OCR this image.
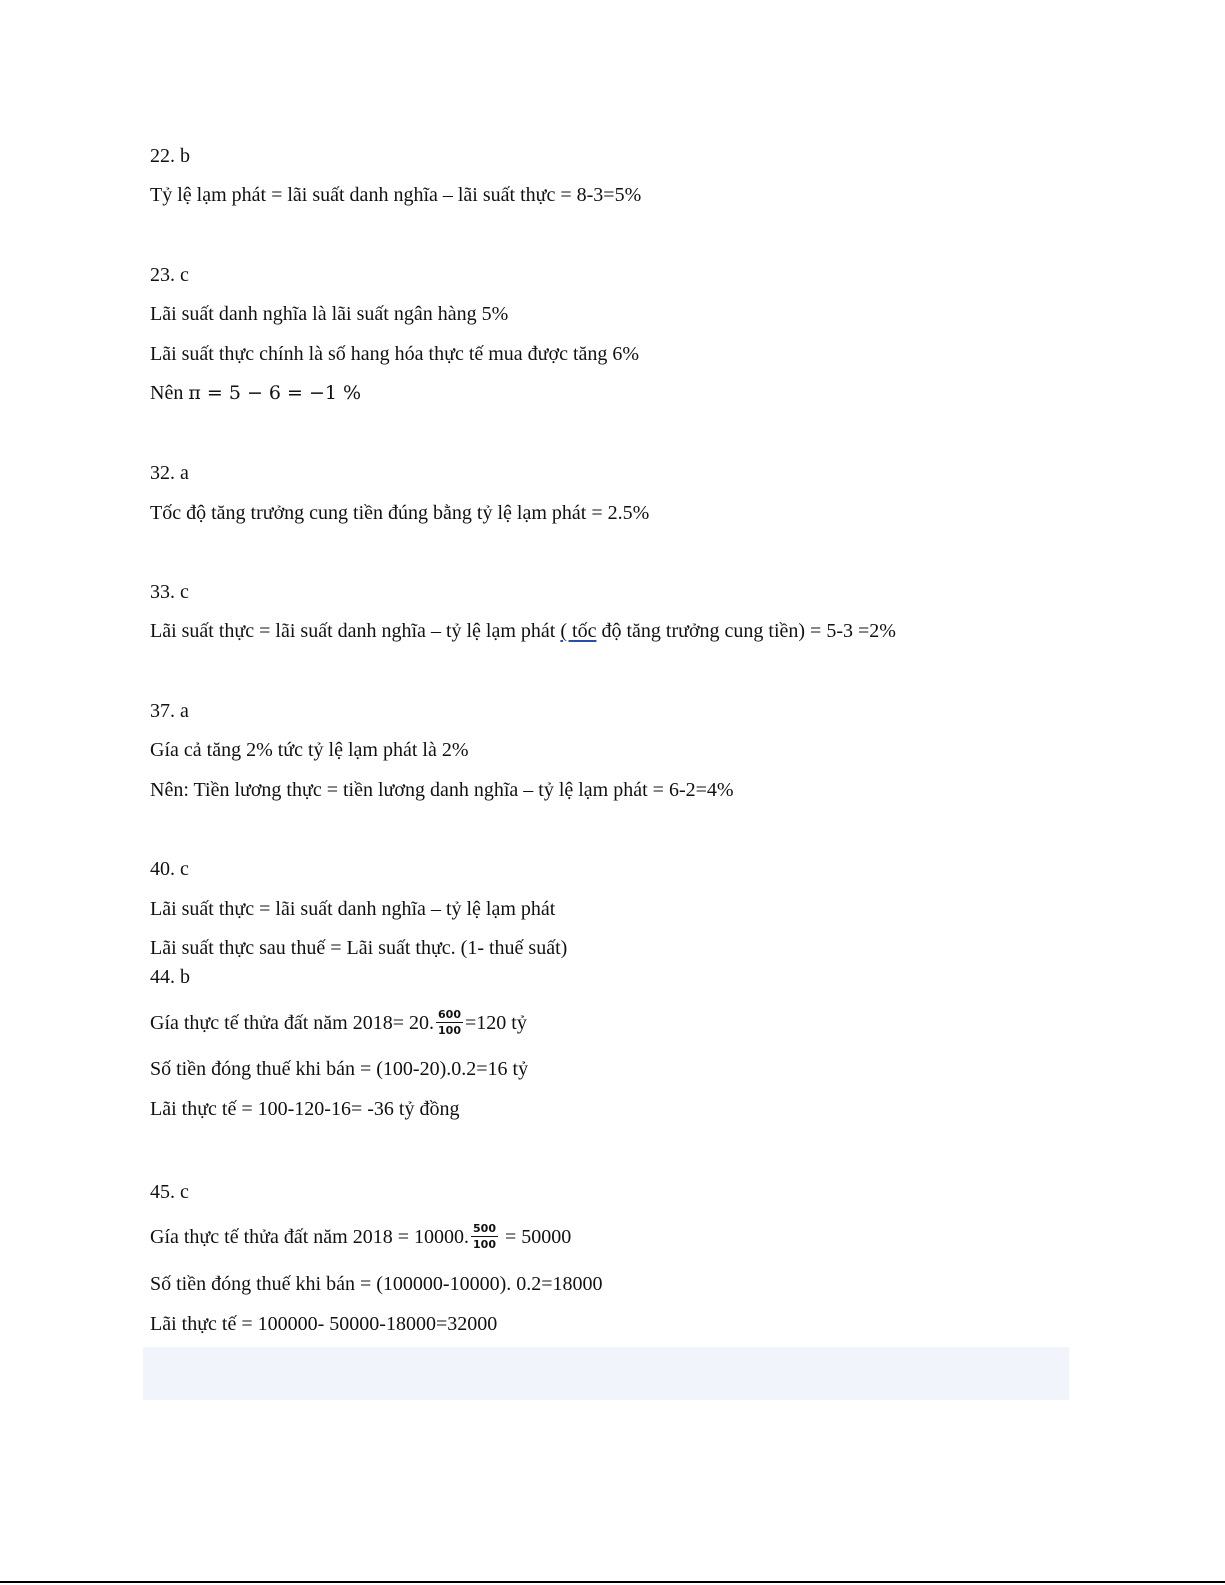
22. b
Tỷ lệ lạm phát = lãi suất danh nghĩa – lãi suất thực = 8-3=5%
23. c
Lãi suất danh nghĩa là lãi suất ngân hàng 5%
Lãi suất thực chính là số hang hóa thực tế mua được tăng 6%
Nên π = 5 − 6 = −1 %
32. a
Tốc độ tăng trưởng cung tiền đúng bằng tỷ lệ lạm phát = 2.5%
33. c
Lãi suất thực = lãi suất danh nghĩa – tỷ lệ lạm phát ( tốc độ tăng trưởng cung tiền) = 5-3 =2%
37. a
Gía cả tăng 2% tức tỷ lệ lạm phát là 2%
Nên: Tiền lương thực = tiền lương danh nghĩa – tỷ lệ lạm phát = 6-2=4%
40. c
Lãi suất thực = lãi suất danh nghĩa – tỷ lệ lạm phát
Lãi suất thực sau thuế = Lãi suất thực. (1- thuế suất)
44. b
Gía thực tế thửa đất năm 2018= 20. $\frac{600}{100} =120$ tỷ
Số tiền đóng thuế khi bán = (100-20).0.2=16 tỷ
Lãi thực tế = 100-120-16= -36 tỷ đồng
45. c
Gía thực tế thửa đất năm 2018 = 10000. $\frac{500}{100} = 50000$
Số tiền đóng thuế khi bán = (100000-10000). 0.2=18000
Lãi thực tế = 100000- 50000-18000=32000
